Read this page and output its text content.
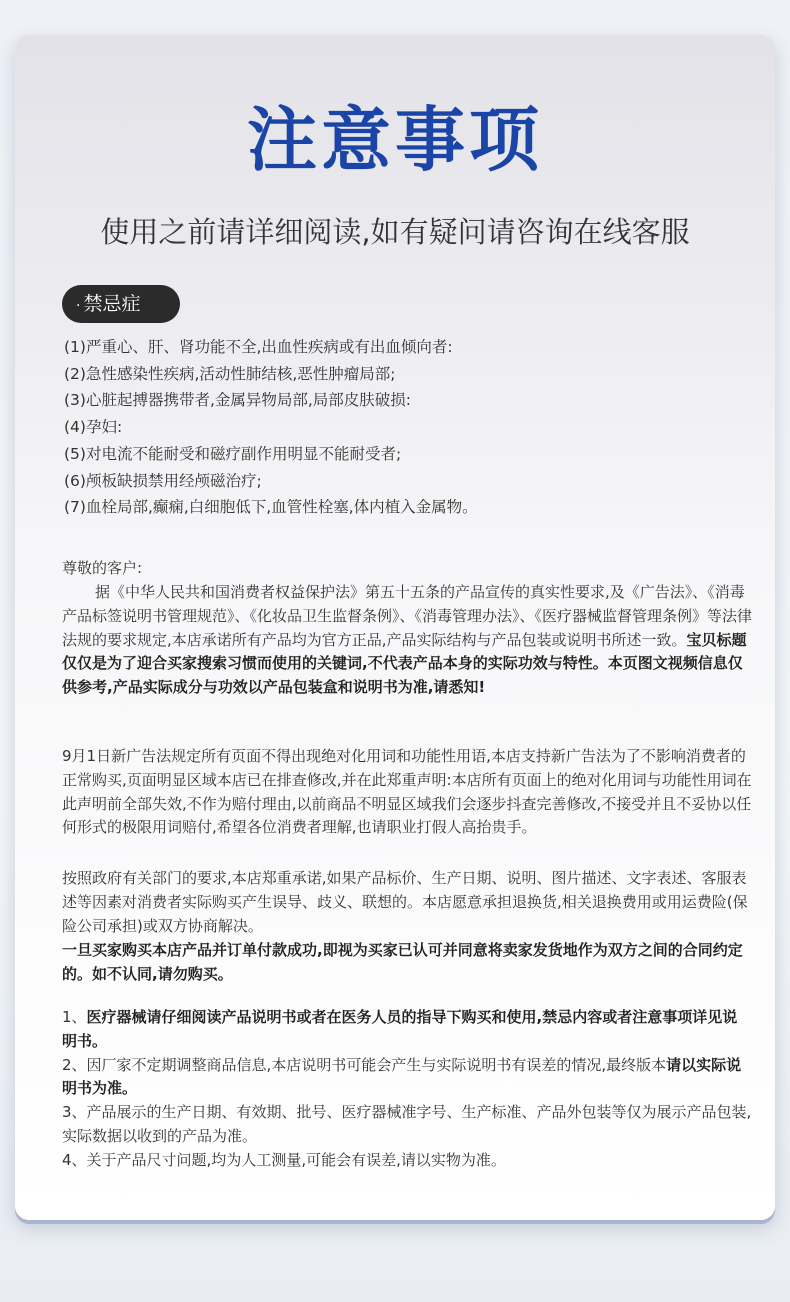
注意事项
使用之前请详细阅读,如有疑问请咨询在线客服
· 禁忌症
(1)严重心、肝、肾功能不全,出血性疾病或有出血倾向者:
(2)急性感染性疾病,活动性肺结核,恶性肿瘤局部;
(3)心脏起搏器携带者,金属异物局部,局部皮肤破损:
(4)孕妇:
(5)对电流不能耐受和磁疗副作用明显不能耐受者;
(6)颅板缺损禁用经颅磁治疗;
(7)血栓局部,癫痫,白细胞低下,血管性栓塞,体内植入金属物。
尊敬的客户:

据《中华人民共和国消费者权益保护法》第五十五条的产品宣传的真实性要求,及《广告法》、《消毒产品标签说明书管理规范》、《化妆品卫生监督条例》、《消毒管理办法》、《医疗器械监督管理条例》等法律法规的要求规定,本店承诺所有产品均为官方正品,产品实际结构与产品包装或说明书所述一致。宝贝标题仅仅是为了迎合买家搜索习惯而使用的关键词,不代表产品本身的实际功效与特性。本页图文视频信息仅供参考,产品实际成分与功效以产品包装盒和说明书为准,请悉知!

9月1日新广告法规定所有页面不得出现绝对化用词和功能性用语,本店支持新广告法为了不影响消费者的正常购买,页面明显区域本店已在排查修改,并在此郑重声明:本店所有页面上的绝对化用词与功能性用词在此声明前全部失效,不作为赔付理由,以前商品不明显区域我们会逐步抖查完善修改,不接受并且不妥协以任何形式的极限用词赔付,希望各位消费者理解,也请职业打假人高抬贵手。

按照政府有关部门的要求,本店郑重承诺,如果产品标价、生产日期、说明、图片描述、文字表述、客服表述等因素对消费者实际购买产生误导、歧义、联想的。本店愿意承担退换货,相关退换费用或用运费险(保险公司承担)或双方协商解决。

一旦买家购买本店产品并订单付款成功,即视为买家已认可并同意将卖家发货地作为双方之间的合同约定的。如不认同,请勿购买。

1、医疗器械请仔细阅读产品说明书或者在医务人员的指导下购买和使用,禁忌内容或者注意事项详见说明书。
2、因厂家不定期调整商品信息,本店说明书可能会产生与实际说明书有误差的情况,最终版本请以实际说明书为准。
3、产品展示的生产日期、有效期、批号、医疗器械准字号、生产标准、产品外包装等仅为展示产品包装,实际数据以收到的产品为准。
4、关于产品尺寸问题,均为人工测量,可能会有误差,请以实物为准。
